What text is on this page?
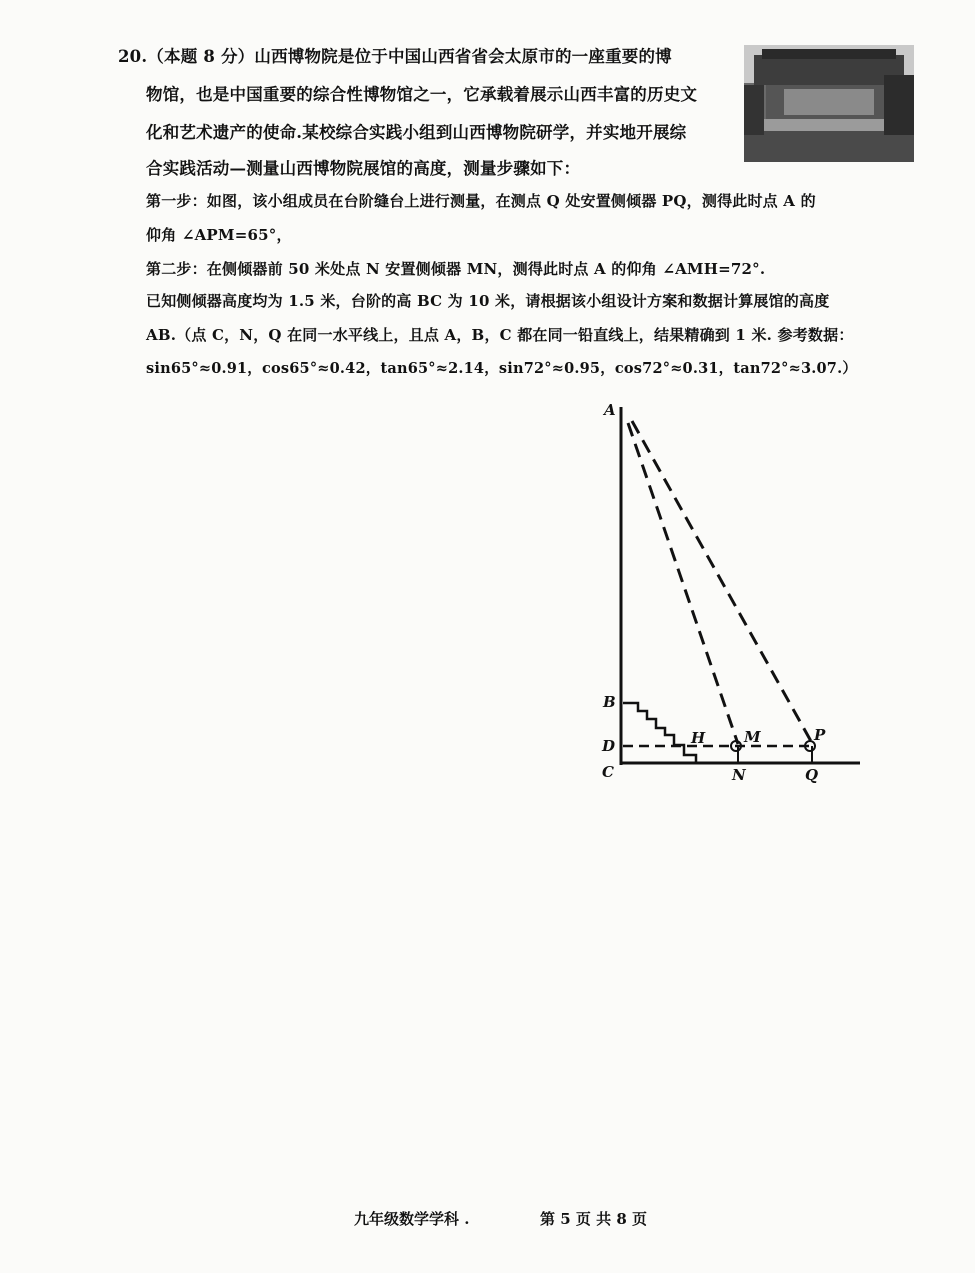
20.（本题 8 分）山西博物院是位于中国山西省省会太原市的一座重要的博
物馆，也是中国重要的综合性博物馆之一，它承载着展示山西丰富的历史文
化和艺术遗产的使命.某校综合实践小组到山西博物院研学，并实地开展综
合实践活动—测量山西博物院展馆的高度，测量步骤如下：
第一步：如图，该小组成员在台阶缝台上进行测量，在测点 Q 处安置侧倾器 PQ，测得此时点 A 的
仰角 ∠APM=65°，
第二步：在侧倾器前 50 米处点 N 安置侧倾器 MN，测得此时点 A 的仰角 ∠AMH=72°.
已知侧倾器高度均为 1.5 米，台阶的高 BC 为 10 米，请根据该小组设计方案和数据计算展馆的高度
AB.（点 C，N，Q 在同一水平线上，且点 A，B，C 都在同一铅直线上，结果精确到 1 米. 参考数据：
sin65°≈0.91，cos65°≈0.42，tan65°≈2.14，sin72°≈0.95，cos72°≈0.31，tan72°≈3.07.）
A
B
D
C
H	M	P
N	Q
九年级数学学科 .	第 5 页 共 8 页
